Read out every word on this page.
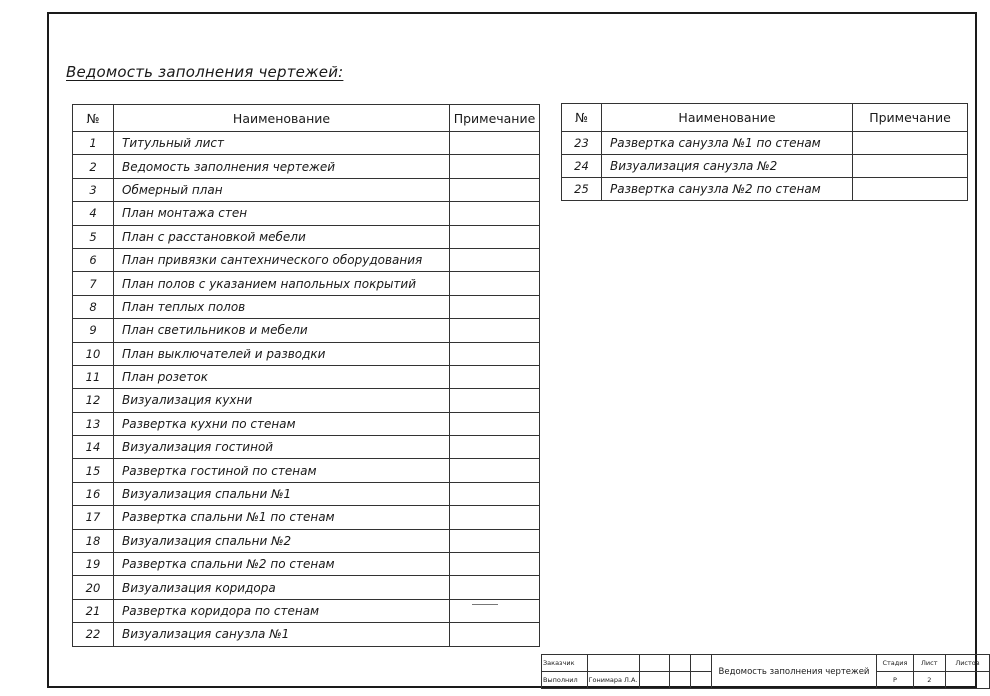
Ведомость заполнения чертежей:
№	Наименование	Примечание
1	Титульный лист	
2	Ведомость заполнения чертежей	
3	Обмерный план	
4	План монтажа стен	
5	План с расстановкой мебели	
6	План привязки сантехнического оборудования	
7	План полов с указанием напольных покрытий	
8	План теплых полов	
9	План светильников и мебели	
10	План выключателей и разводки	
11	План розеток	
12	Визуализация кухни	
13	Развертка кухни по стенам	
14	Визуализация гостиной	
15	Развертка гостиной по стенам	
16	Визуализация спальни №1	
17	Развертка спальни №1 по стенам	
18	Визуализация спальни №2	
19	Развертка спальни №2 по стенам	
20	Визуализация коридора	
21	Развертка коридора по стенам	
22	Визуализация санузла №1	
№	Наименование	Примечание
23	Развертка санузла №1 по стенам	
24	Визуализация санузла №2	
25	Развертка санузла №2 по стенам	
Заказчик					Ведомость заполнения чертежей	Стадия	Лист	Листов
Выполнил	Гонимара Л.А.					Р	2	
